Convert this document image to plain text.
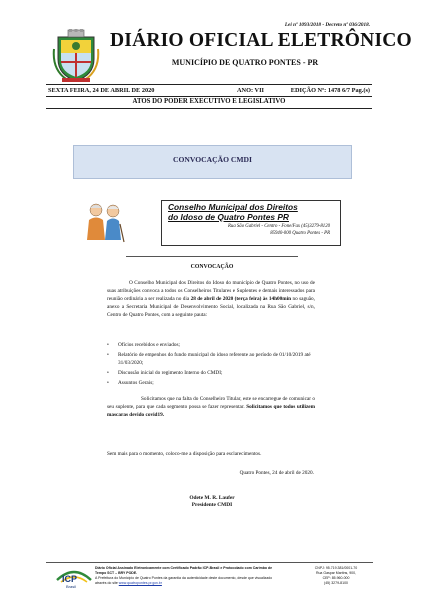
Lei nº 1093/2018 - Decreto nº 036/2018.
DIÁRIO OFICIAL ELETRÔNICO
MUNICÍPIO DE QUATRO PONTES - PR
SEXTA FEIRA, 24 DE ABRIL DE 2020	ANO: VII	EDIÇÃO Nº: 1478 6/7 Pag.(s)
ATOS DO PODER EXECUTIVO E LEGISLATIVO
CONVOCAÇÃO CMDI
Conselho Municipal dos Direitos
do Idoso de Quatro Pontes PR
Rua São Gabriel - Centro - Fone/Fax (45)3279-8120
85940-000 Quatro Pontes - PR
CONVOCAÇÃO
O Conselho Municipal dos Direitos do Idoso do município de Quatro Pontes, no uso de suas atribuições convoca a todos os Conselheiros Titulares e Suplentes e demais interessados para reunião ordinária a ser realizada no dia 28 de abril de 2020 (terça feira) às 14h00min no saguão, anexo a Secretaria Municipal de Desenvolvimento Social, localizada na Rua São Gabriel, s/n, Centro de Quatro Pontes, com a seguinte pauta:
• Ofícios recebidos e enviados;
• Relatório de empenhos do fundo municipal do idoso referente ao período de 01/10/2019 até 31/03/2020;
• Discussão inicial do regimento Interno do CMDI;
• Assuntos Gerais;
Solicitamos que na falta do Conselheiro Titular, este se encarregue de comunicar o seu suplente, para que cada segmento possa se fazer representar. Solicitamos que todos utilizem mascaras devido covid19.
Sem mais para o momento, coloco-me a disposição para esclarecimentos.
Quatro Pontes, 24 de abril de 2020.
Odete M. R. Laufer
Presidente CMDI
ICP
Brasil
Diário Oficial Assinado Eletronicamente com Certificado Padrão ICP-Brasil e Protocolado com Carimbo de Tempo SCT – BRY PODE.
A Prefeitura do Município de Quatro Pontes da garantia da autenticidade deste documento, desde que visualizado através do site www.quatropontes.pr.gov.br
CNPJ: 95.719.381/0001-70
Rua Gaspar Martins, 900,
CEP: 85.960-000
(45) 3279-8100
